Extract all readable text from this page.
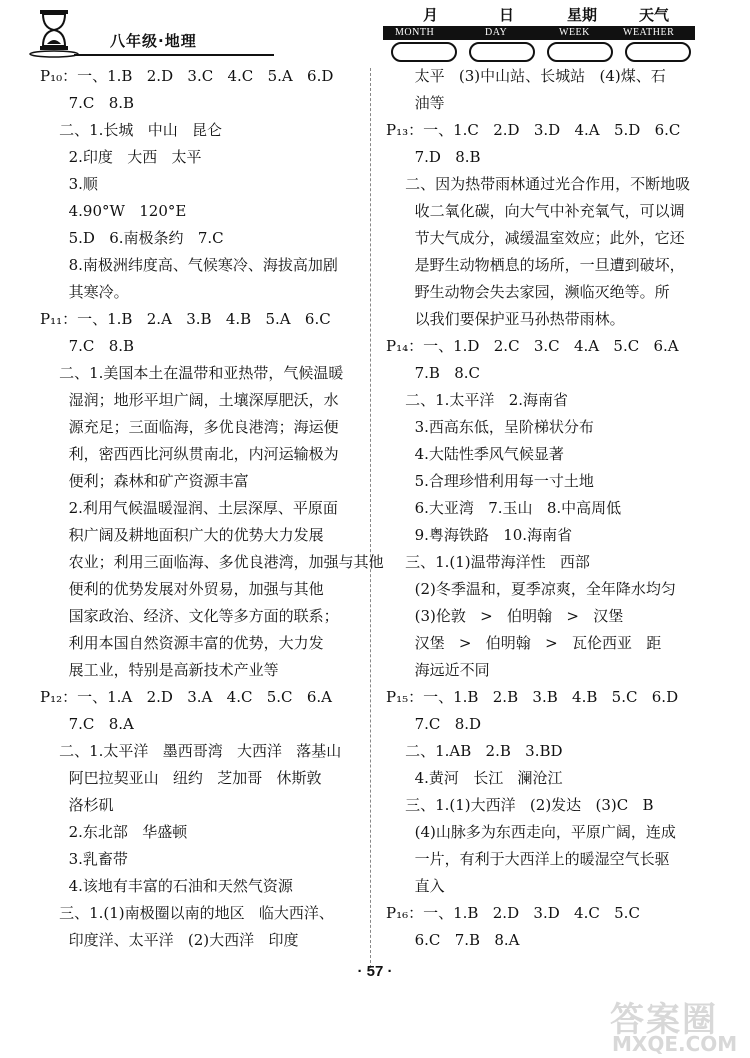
八年级·地理
月	日	星期	天气
MONTH	DAY	WEEK	WEATHER
P₁₀：一、1.B   2.D   3.C   4.C   5.A   6.D
7.C   8.B
二、1.长城   中山   昆仑
2.印度   大西   太平
3.顺
4.90°W   120°E
5.D   6.南极条约   7.C
8.南极洲纬度高、气候寒冷、海拔高加剧
其寒冷。
P₁₁：一、1.B   2.A   3.B   4.B   5.A   6.C
7.C   8.B
二、1.美国本土在温带和亚热带，气候温暖
湿润；地形平坦广阔，土壤深厚肥沃，水
源充足；三面临海，多优良港湾；海运便
利，密西西比河纵贯南北，内河运输极为
便利；森林和矿产资源丰富
2.利用气候温暖湿润、土层深厚、平原面
积广阔及耕地面积广大的优势大力发展
农业；利用三面临海、多优良港湾，加强与其他
便利的优势发展对外贸易，加强与其他
国家政治、经济、文化等多方面的联系；
利用本国自然资源丰富的优势，大力发
展工业，特别是高新技术产业等
P₁₂：一、1.A   2.D   3.A   4.C   5.C   6.A
7.C   8.A
二、1.太平洋   墨西哥湾   大西洋   落基山
阿巴拉契亚山   纽约   芝加哥   休斯敦
洛杉矶
2.东北部   华盛顿
3.乳畜带
4.该地有丰富的石油和天然气资源
三、1.(1)南极圈以南的地区   临大西洋、
印度洋、太平洋   (2)大西洋   印度
太平   (3)中山站、长城站   (4)煤、石
油等
P₁₃：一、1.C   2.D   3.D   4.A   5.D   6.C
7.D   8.B
二、因为热带雨林通过光合作用，不断地吸
收二氧化碳，向大气中补充氧气，可以调
节大气成分，减缓温室效应；此外，它还
是野生动物栖息的场所，一旦遭到破坏，
野生动物会失去家园，濒临灭绝等。所
以我们要保护亚马孙热带雨林。
P₁₄：一、1.D   2.C   3.C   4.A   5.C   6.A
7.B   8.C
二、1.太平洋   2.海南省
3.西高东低，呈阶梯状分布
4.大陆性季风气候显著
5.合理珍惜利用每一寸土地
6.大亚湾   7.玉山   8.中高周低
9.粤海铁路   10.海南省
三、1.(1)温带海洋性   西部
(2)冬季温和，夏季凉爽，全年降水均匀
(3)伦敦   >   伯明翰   >   汉堡
汉堡   >   伯明翰   >   瓦伦西亚   距
海远近不同
P₁₅：一、1.B   2.B   3.B   4.B   5.C   6.D
7.C   8.D
二、1.AB   2.B   3.BD
4.黄河   长江   澜沧江
三、1.(1)大西洋   (2)发达   (3)C   B
(4)山脉多为东西走向，平原广阔，连成
一片，有利于大西洋上的暖湿空气长驱
直入
P₁₆：一、1.B   2.D   3.D   4.C   5.C
6.C   7.B   8.A
· 57 ·
答案圈
MXQE.COM
